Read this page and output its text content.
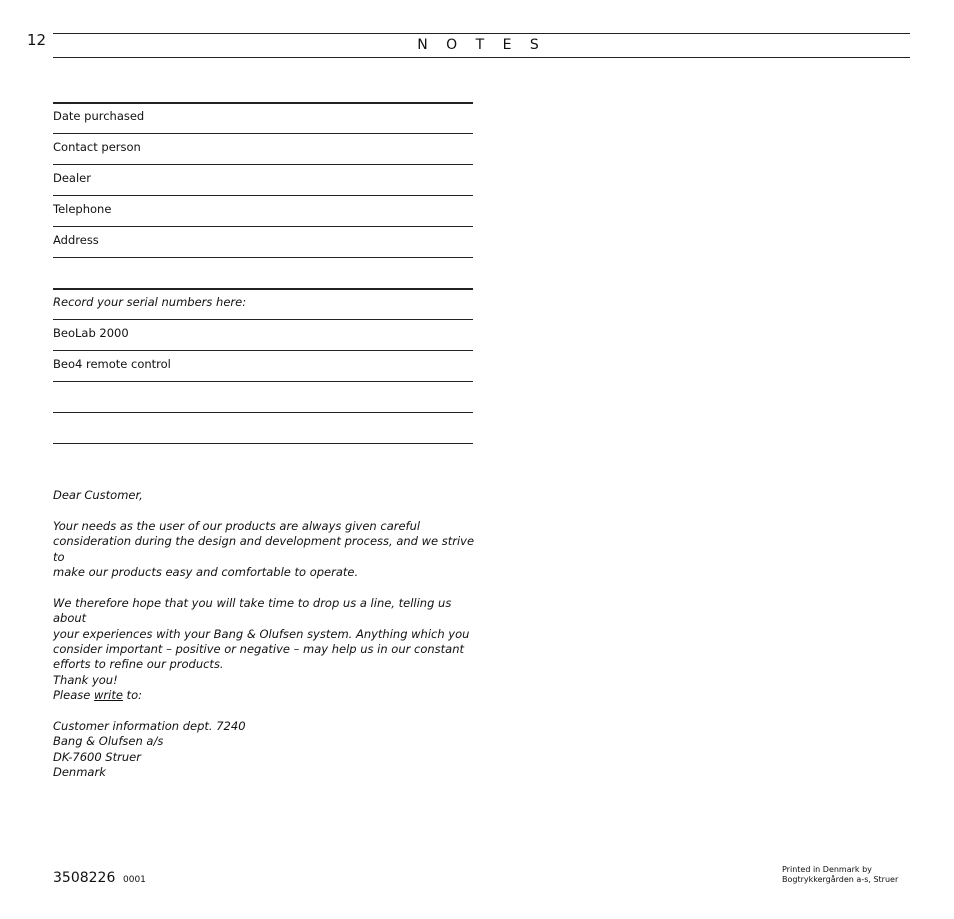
12	N O T E S
Date purchased
Contact person
Dealer
Telephone
Address
Record your serial numbers here:
BeoLab 2000
Beo4 remote control

Dear Customer,

Your needs as the user of our products are always given careful

consideration during the design and development process, and we strive to

make our products easy and comfortable to operate.

We therefore hope that you will take time to drop us a line, telling us about

your experiences with your Bang & Olufsen system. Anything which you

consider important – positive or negative – may help us in our constant

efforts to refine our products.

Thank you!

Please write to:

Customer information dept. 7240

Bang & Olufsen a/s

DK-7600 Struer

Denmark

3508226 0001
Printed in Denmark by
Bogtrykkergården a-s, Struer
